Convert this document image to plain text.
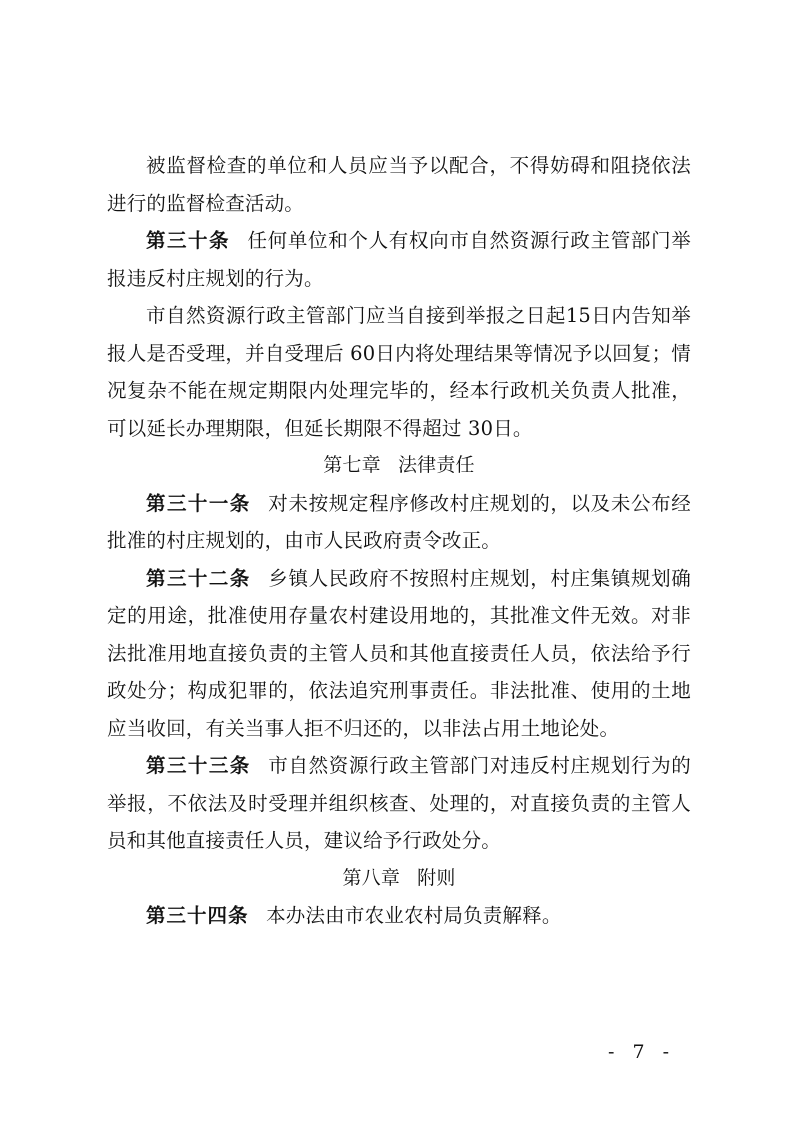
被监督检查的单位和人员应当予以配合，不得妨碍和阻挠依法进行的监督检查活动。

第三十条 任何单位和个人有权向市自然资源行政主管部门举报违反村庄规划的行为。

市自然资源行政主管部门应当自接到举报之日起15日内告知举报人是否受理，并自受理后 60日内将处理结果等情况予以回复；情况复杂不能在规定期限内处理完毕的，经本行政机关负责人批准，可以延长办理期限，但延长期限不得超过 30日。

第七章 法律责任

第三十一条 对未按规定程序修改村庄规划的，以及未公布经批准的村庄规划的，由市人民政府责令改正。

第三十二条 乡镇人民政府不按照村庄规划，村庄集镇规划确定的用途，批准使用存量农村建设用地的，其批准文件无效。对非法批准用地直接负责的主管人员和其他直接责任人员，依法给予行政处分；构成犯罪的，依法追究刑事责任。非法批准、使用的土地应当收回，有关当事人拒不归还的，以非法占用土地论处。

第三十三条 市自然资源行政主管部门对违反村庄规划行为的举报，不依法及时受理并组织核查、处理的，对直接负责的主管人员和其他直接责任人员，建议给予行政处分。

第八章 附则

第三十四条 本办法由市农业农村局负责解释。

- 7 -
